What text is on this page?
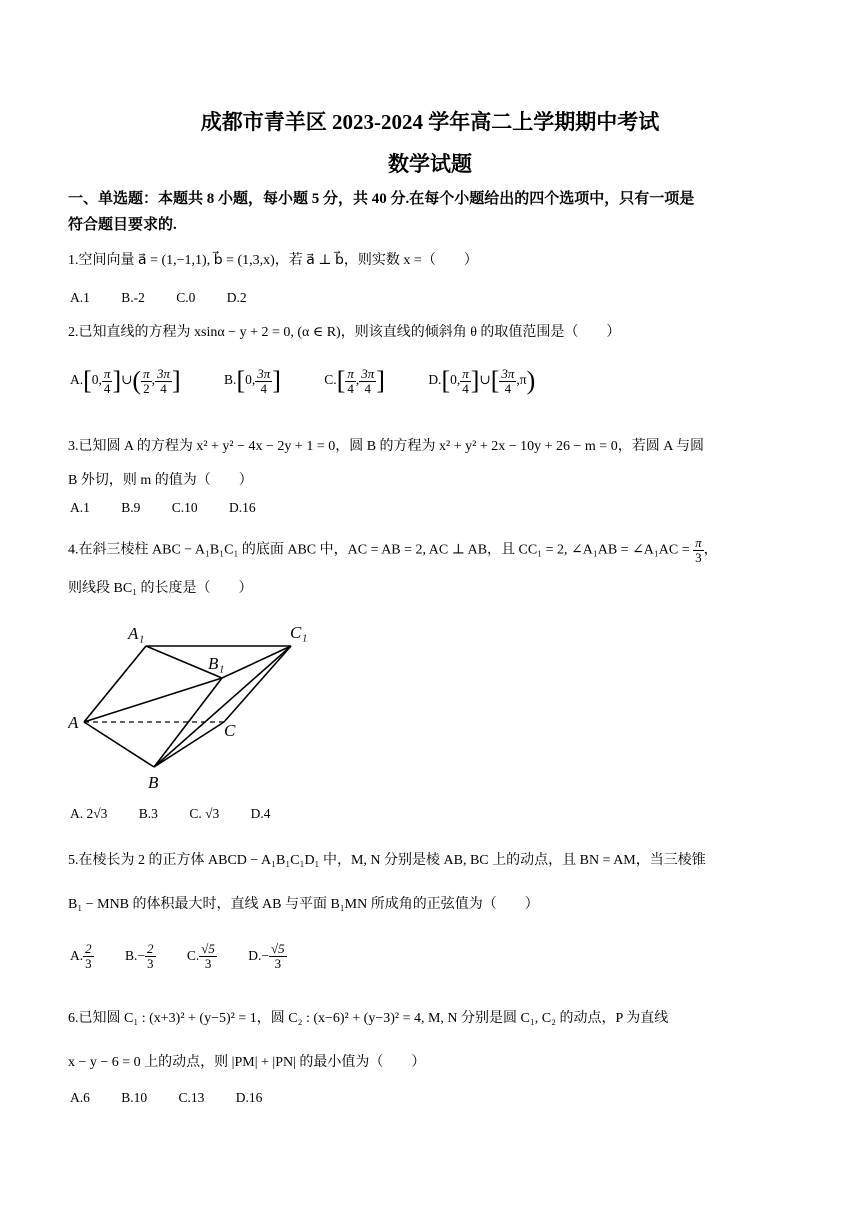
成都市青羊区 2023-2024 学年高二上学期期中考试
数学试题
一、单选题：本题共 8 小题，每小题 5 分，共 40 分.在每个小题给出的四个选项中，只有一项是
符合题目要求的.
1.空间向量 a⃗ = (1,−1,1), b⃗ = (1,3,x)，若 a⃗ ⊥ b⃗，则实数 x =（　　）
A.1 B.-2 C.0 D.2
2.已知直线的方程为 xsinα − y + 2 = 0, (α ∈ R)，则该直线的倾斜角 θ 的取值范围是（　　）
A.[0, $\frac{\pi}{4}$ ]∪( $\frac{\pi}{2}$ , $\frac{3\pi}{4}$ ]	B.[0, $\frac{3\pi}{4}$ ]	$C.[ \frac{\pi}{4}$ , $\frac{3\pi}{4}$ ]	D.[0, $\frac{\pi}{4}$ ]∪[ $\frac{3\pi}{4} ,\pi$)
3.已知圆 A 的方程为 x² + y² − 4x − 2y + 1 = 0，圆 B 的方程为 x² + y² + 2x − 10y + 26 − m = 0，若圆 A 与圆
B 外切，则 m 的值为（　　）
A.1 B.9 C.10 D.16
4.在斜三棱柱 ABC − A₁B₁C₁ 的底面 ABC 中，AC = AB = 2, AC ⊥ AB，且 CC₁ = 2, ∠A₁AB = ∠A₁AC = $\frac{\pi}{3}$ ，
则线段 BC₁ 的长度是（　　）
A₁	C₁
B₁
A	C
B
A. 2√3 B.3 C. √3 D.4
5.在棱长为 2 的正方体 ABCD − A₁B₁C₁D₁ 中，M, N 分别是棱 AB, BC 上的动点，且 BN = AM，当三棱锥
B₁ − MNB 的体积最大时，直线 AB 与平面 B₁MN 所成角的正弦值为（　　）
A. $\frac{2}{3} B.- \frac{2}{3} C$. $\frac{√5}{3} D.- \frac{√5}{3}$
6.已知圆 C₁ : (x+3)² + (y−5)² = 1，圆 C₂ : (x−6)² + (y−3)² = 4, M, N 分别是圆 C₁, C₂ 的动点，P 为直线
x − y − 6 = 0 上的动点，则 |PM| + |PN| 的最小值为（　　）
A.6 B.10 C.13 D.16
